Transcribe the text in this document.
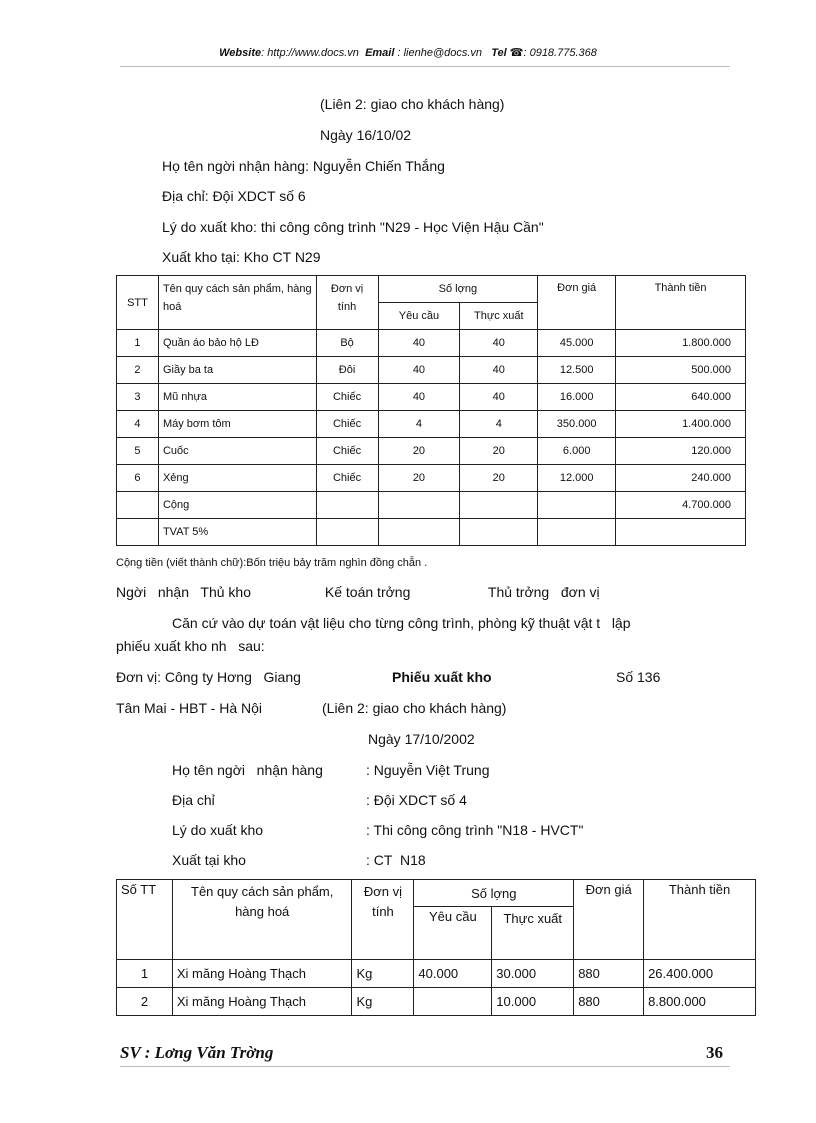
Website: http://www.docs.vn Email : lienhe@docs.vn Tel ☎: 0918.775.368
(Liên 2: giao cho khách hàng)
Ngày 16/10/02
Họ tên ngời nhận hàng: Nguyễn Chiến Thắng
Địa chỉ: Đội XDCT số 6
Lý do xuất kho: thi công công trình "N29 - Học Viện Hậu Cần"
Xuất kho tại: Kho CT N29
STT	Tên quy cách sản phẩm, hàng hoá	Đơn vị tính	Số lợng		Đơn giá	Thành tiền
			Yêu cầu	Thực xuất		
1	Quần áo bảo hộ LĐ	Bộ	40	40	45.000	1.800.000
2	Giầy ba ta	Đôi	40	40	12.500	500.000
3	Mũ nhựa	Chiếc	40	40	16.000	640.000
4	Máy bơm tôm	Chiếc	4	4	350.000	1.400.000
5	Cuốc	Chiếc	20	20	6.000	120.000
6	Xẻng	Chiếc	20	20	12.000	240.000
	Cộng					4.700.000
	TVAT 5%					
Cộng tiền (viết thành chữ):Bốn triệu bảy trăm nghìn đồng chẵn .
Ngời   nhận   Thủ kho                   Kế toán trởng                    Thủ trởng   đơn vị
Căn cứ vào dự toán vật liệu cho từng công trình, phòng kỹ thuật vật t   lập
phiếu xuất kho nh   sau:
Đơn vị: Công ty Hơng   Giang	Phiếu xuất kho	Số 136
Tân Mai - HBT - Hà Nội	(Liên 2: giao cho khách hàng)
Ngày 17/10/2002
Họ tên ngời   nhận hàng	: Nguyễn Việt Trung
Địa chỉ	: Đội XDCT số 4
Lý do xuất kho	: Thi công công trình "N18 - HVCT"
Xuất tại kho	: CT  N18
Số TT	Tên quy cách sản phẩm, hàng hoá	Đơn vị tính	Số lợng		Đơn giá	Thành tiền
			Yêu cầu	Thực xuất		
1	Xi măng Hoàng Thạch	Kg	40.000	30.000	880	26.400.000
2	Xi măng Hoàng Thạch	Kg		10.000	880	8.800.000
SV : Lơng Văn Trờng	36
